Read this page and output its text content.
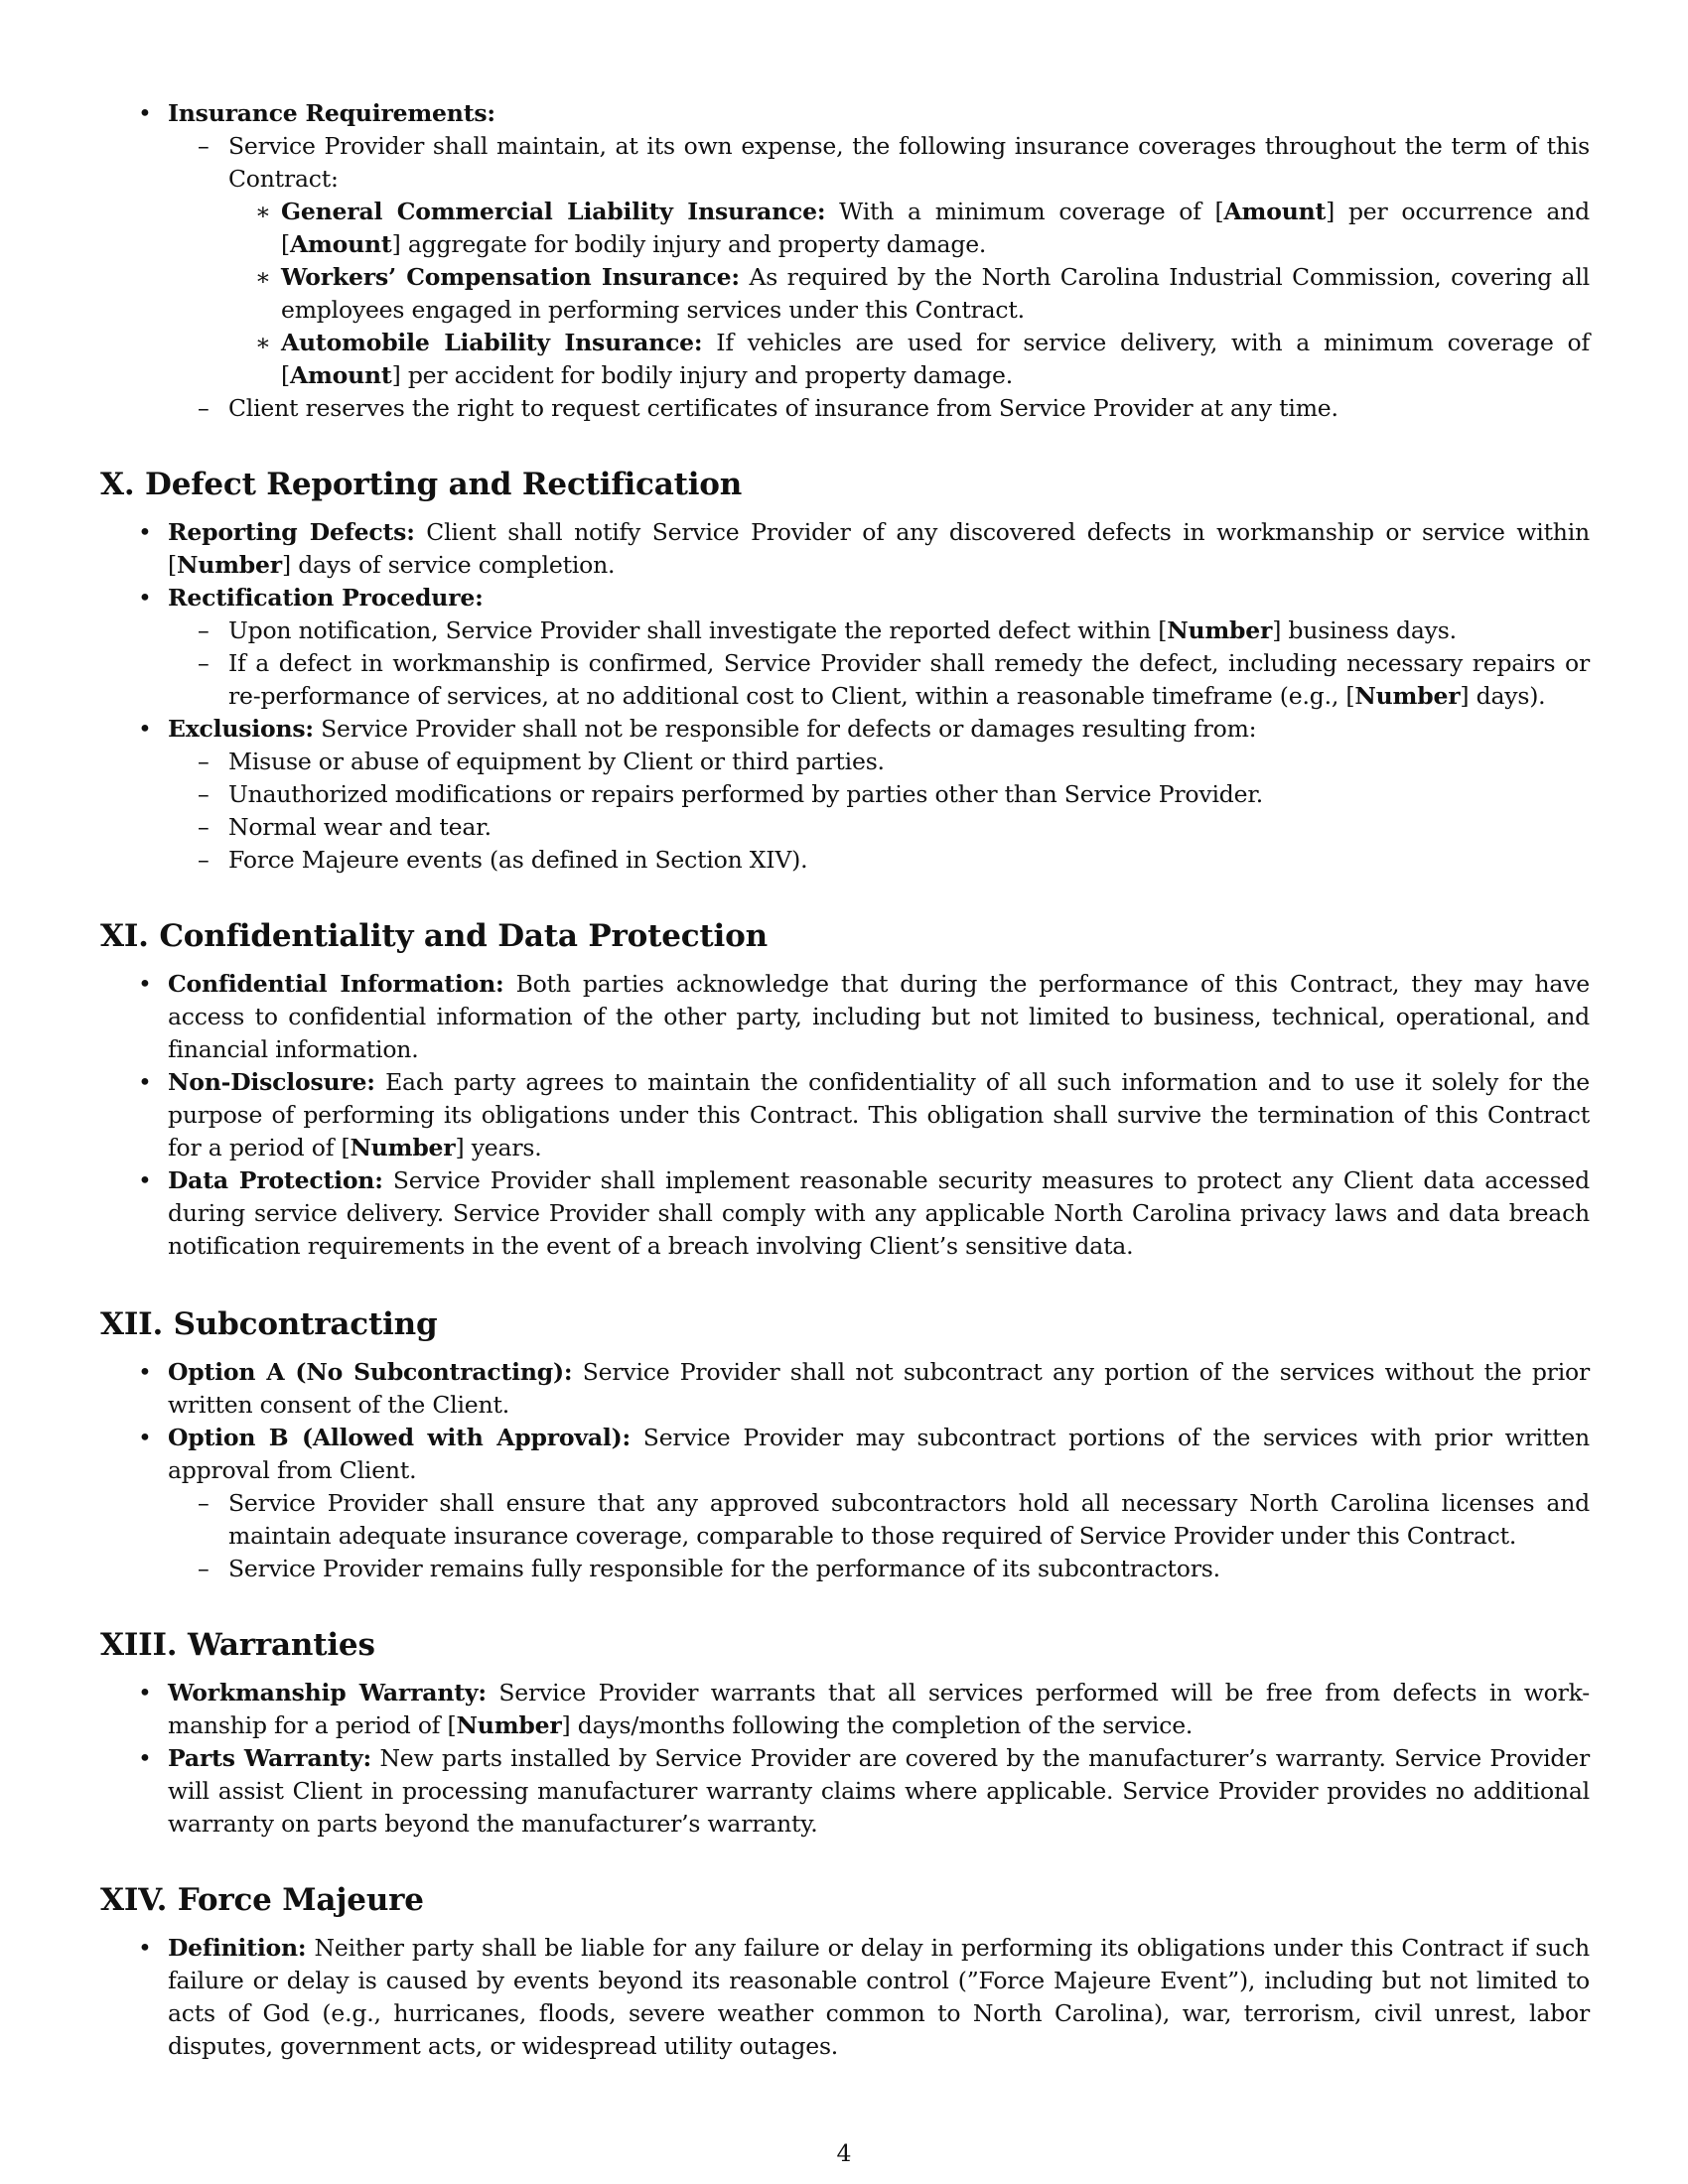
• Insurance Requirements:
– Service Provider shall maintain, at its own expense, the following insurance coverages throughout the term of this Contract:
∗ General Commercial Liability Insurance: With a minimum coverage of [Amount] per occurrence and [Amount] aggregate for bodily injury and property damage.
∗ Workers’ Compensation Insurance: As required by the North Carolina Industrial Commission, covering all employees engaged in performing services under this Contract.
∗ Automobile Liability Insurance: If vehicles are used for service delivery, with a minimum coverage of [Amount] per accident for bodily injury and property damage.
– Client reserves the right to request certificates of insurance from Service Provider at any time.
X. Defect Reporting and Rectification
• Reporting Defects: Client shall notify Service Provider of any discovered defects in workmanship or service within [Number] days of service completion.
• Rectification Procedure:
– Upon notification, Service Provider shall investigate the reported defect within [Number] business days.
– If a defect in workmanship is confirmed, Service Provider shall remedy the defect, including necessary repairs or re-performance of services, at no additional cost to Client, within a reasonable timeframe (e.g., [Number] days).
• Exclusions: Service Provider shall not be responsible for defects or damages resulting from:
– Misuse or abuse of equipment by Client or third parties.
– Unauthorized modifications or repairs performed by parties other than Service Provider.
– Normal wear and tear.
– Force Majeure events (as defined in Section XIV).
XI. Confidentiality and Data Protection
• Confidential Information: Both parties acknowledge that during the performance of this Contract, they may have access to confidential information of the other party, including but not limited to business, technical, operational, and financial information.
• Non-Disclosure: Each party agrees to maintain the confidentiality of all such information and to use it solely for the purpose of performing its obligations under this Contract. This obligation shall survive the termination of this Contract for a period of [Number] years.
• Data Protection: Service Provider shall implement reasonable security measures to protect any Client data accessed during service delivery. Service Provider shall comply with any applicable North Carolina privacy laws and data breach notification requirements in the event of a breach involving Client’s sensitive data.
XII. Subcontracting
• Option A (No Subcontracting): Service Provider shall not subcontract any portion of the services without the prior written consent of the Client.
• Option B (Allowed with Approval): Service Provider may subcontract portions of the services with prior written approval from Client.
– Service Provider shall ensure that any approved subcontractors hold all necessary North Carolina licenses and maintain adequate insurance coverage, comparable to those required of Service Provider under this Contract.
– Service Provider remains fully responsible for the performance of its subcontractors.
XIII. Warranties
• Workmanship Warranty: Service Provider warrants that all services performed will be free from defects in work-manship for a period of [Number] days/months following the completion of the service.
• Parts Warranty: New parts installed by Service Provider are covered by the manufacturer’s warranty. Service Provider will assist Client in processing manufacturer warranty claims where applicable. Service Provider provides no additional warranty on parts beyond the manufacturer’s warranty.
XIV. Force Majeure
• Definition: Neither party shall be liable for any failure or delay in performing its obligations under this Contract if such failure or delay is caused by events beyond its reasonable control (”Force Majeure Event”), including but not limited to acts of God (e.g., hurricanes, floods, severe weather common to North Carolina), war, terrorism, civil unrest, labor disputes, government acts, or widespread utility outages.
4
